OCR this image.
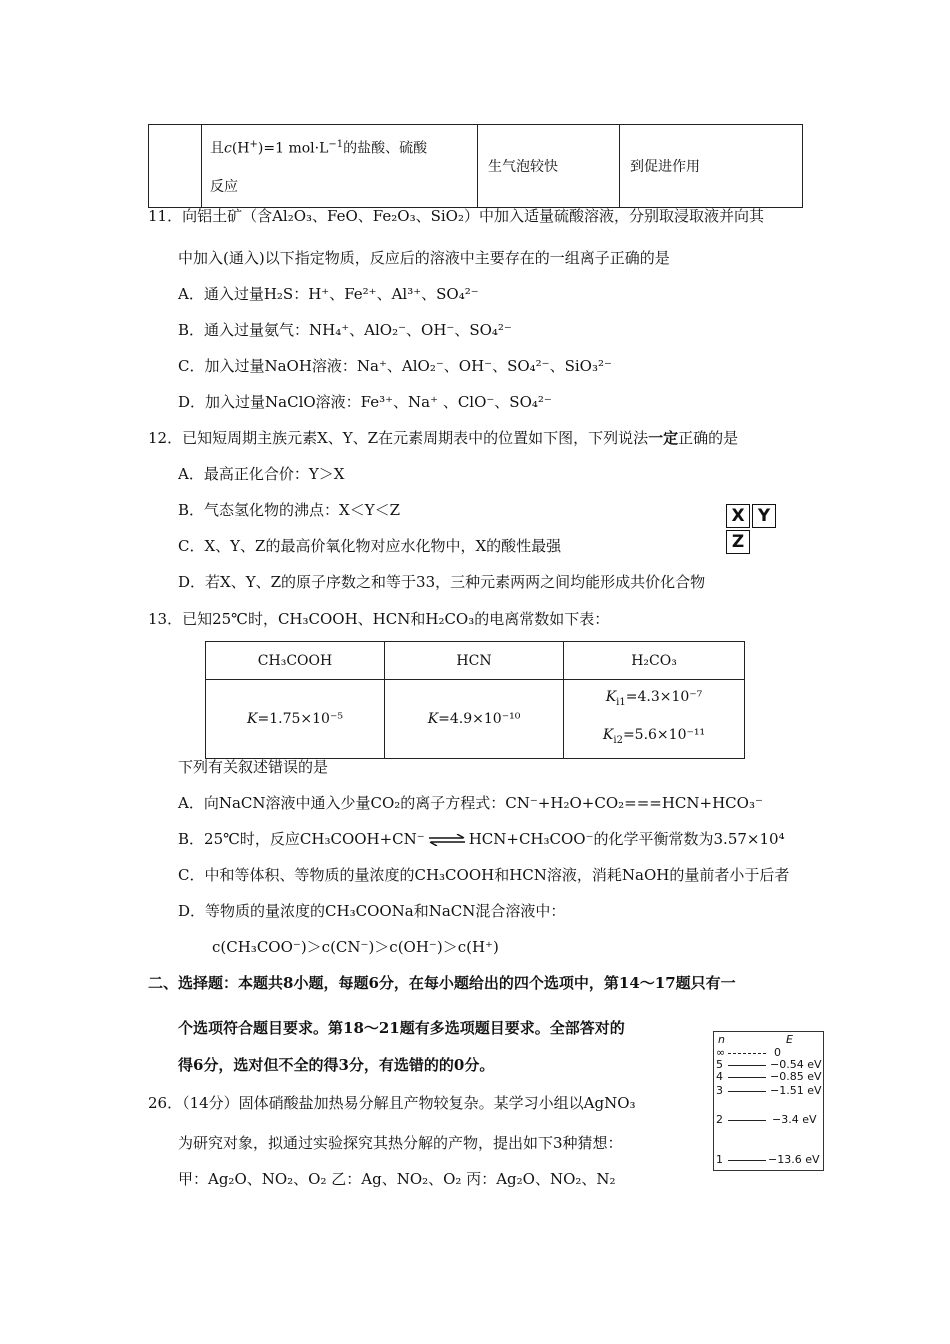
	且c(H+)=1 $mol\cdot L^{-1}$的盐酸、硫酸
反应	生气泡较快	到促进作用
11．向铝土矿（含Al₂O₃、FeO、Fe₂O₃、SiO₂）中加入适量硫酸溶液，分别取浸取液并向其
中加入(通入)以下指定物质，反应后的溶液中主要存在的一组离子正确的是
A．通入过量H₂S：H⁺、Fe²⁺、Al³⁺、SO₄²⁻
B．通入过量氨气：NH₄⁺、AlO₂⁻、OH⁻、SO₄²⁻
C．加入过量NaOH溶液：Na⁺、AlO₂⁻、OH⁻、SO₄²⁻、SiO₃²⁻
D．加入过量NaClO溶液：Fe³⁺、Na⁺ 、ClO⁻、SO₄²⁻
12．已知短周期主族元素X、Y、Z在元素周期表中的位置如下图，下列说法一定正确的是
A．最高正化合价：Y＞X
B．气态氢化物的沸点：X＜Y＜Z
C．X、Y、Z的最高价氧化物对应水化物中，X的酸性最强
D．若X、Y、Z的原子序数之和等于33，三种元素两两之间均能形成共价化合物
X Y
Z
13．已知25℃时，CH₃COOH、HCN和H₂CO₃的电离常数如下表：
CH₃COOH	HCN	H₂CO₃
K=1.75×10⁻⁵	K=4.9×10⁻¹⁰	$K_{i1}=4.3\times 10^{-7}$
$K_{i2}=5.6\times 10^{-11}$
下列有关叙述错误的是
A．向NaCN溶液中通入少量CO₂的离子方程式：CN⁻+H₂O+CO₂===HCN+HCO₃⁻
B．25℃时，反应CH₃COOH+CN⁻ ⇌ HCN+CH₃COO⁻的化学平衡常数为3.57×10⁴
C．中和等体积、等物质的量浓度的CH₃COOH和HCN溶液，消耗NaOH的量前者小于后者
D．等物质的量浓度的CH₃COONa和NaCN混合溶液中：
c(CH₃COO⁻)＞c(CN⁻)＞c(OH⁻)＞c(H⁺)
二、选择题：本题共8小题，每题6分，在每小题给出的四个选项中，第14～17题只有一
个选项符合题目要求。第18～21题有多选项题目要求。全部答对的
得6分，选对但不全的得3分，有选错的的0分。
n	E
∞	0
5	−0.54 eV
4	−0.85 eV
3	−1.51 eV
2	−3.4 eV
1	−13.6 eV
26．（14分）固体硝酸盐加热易分解且产物较复杂。某学习小组以AgNO₃
为研究对象，拟通过实验探究其热分解的产物，提出如下3种猜想：
甲：Ag₂O、NO₂、O₂ 乙：Ag、NO₂、O₂ 丙：Ag₂O、NO₂、N₂
